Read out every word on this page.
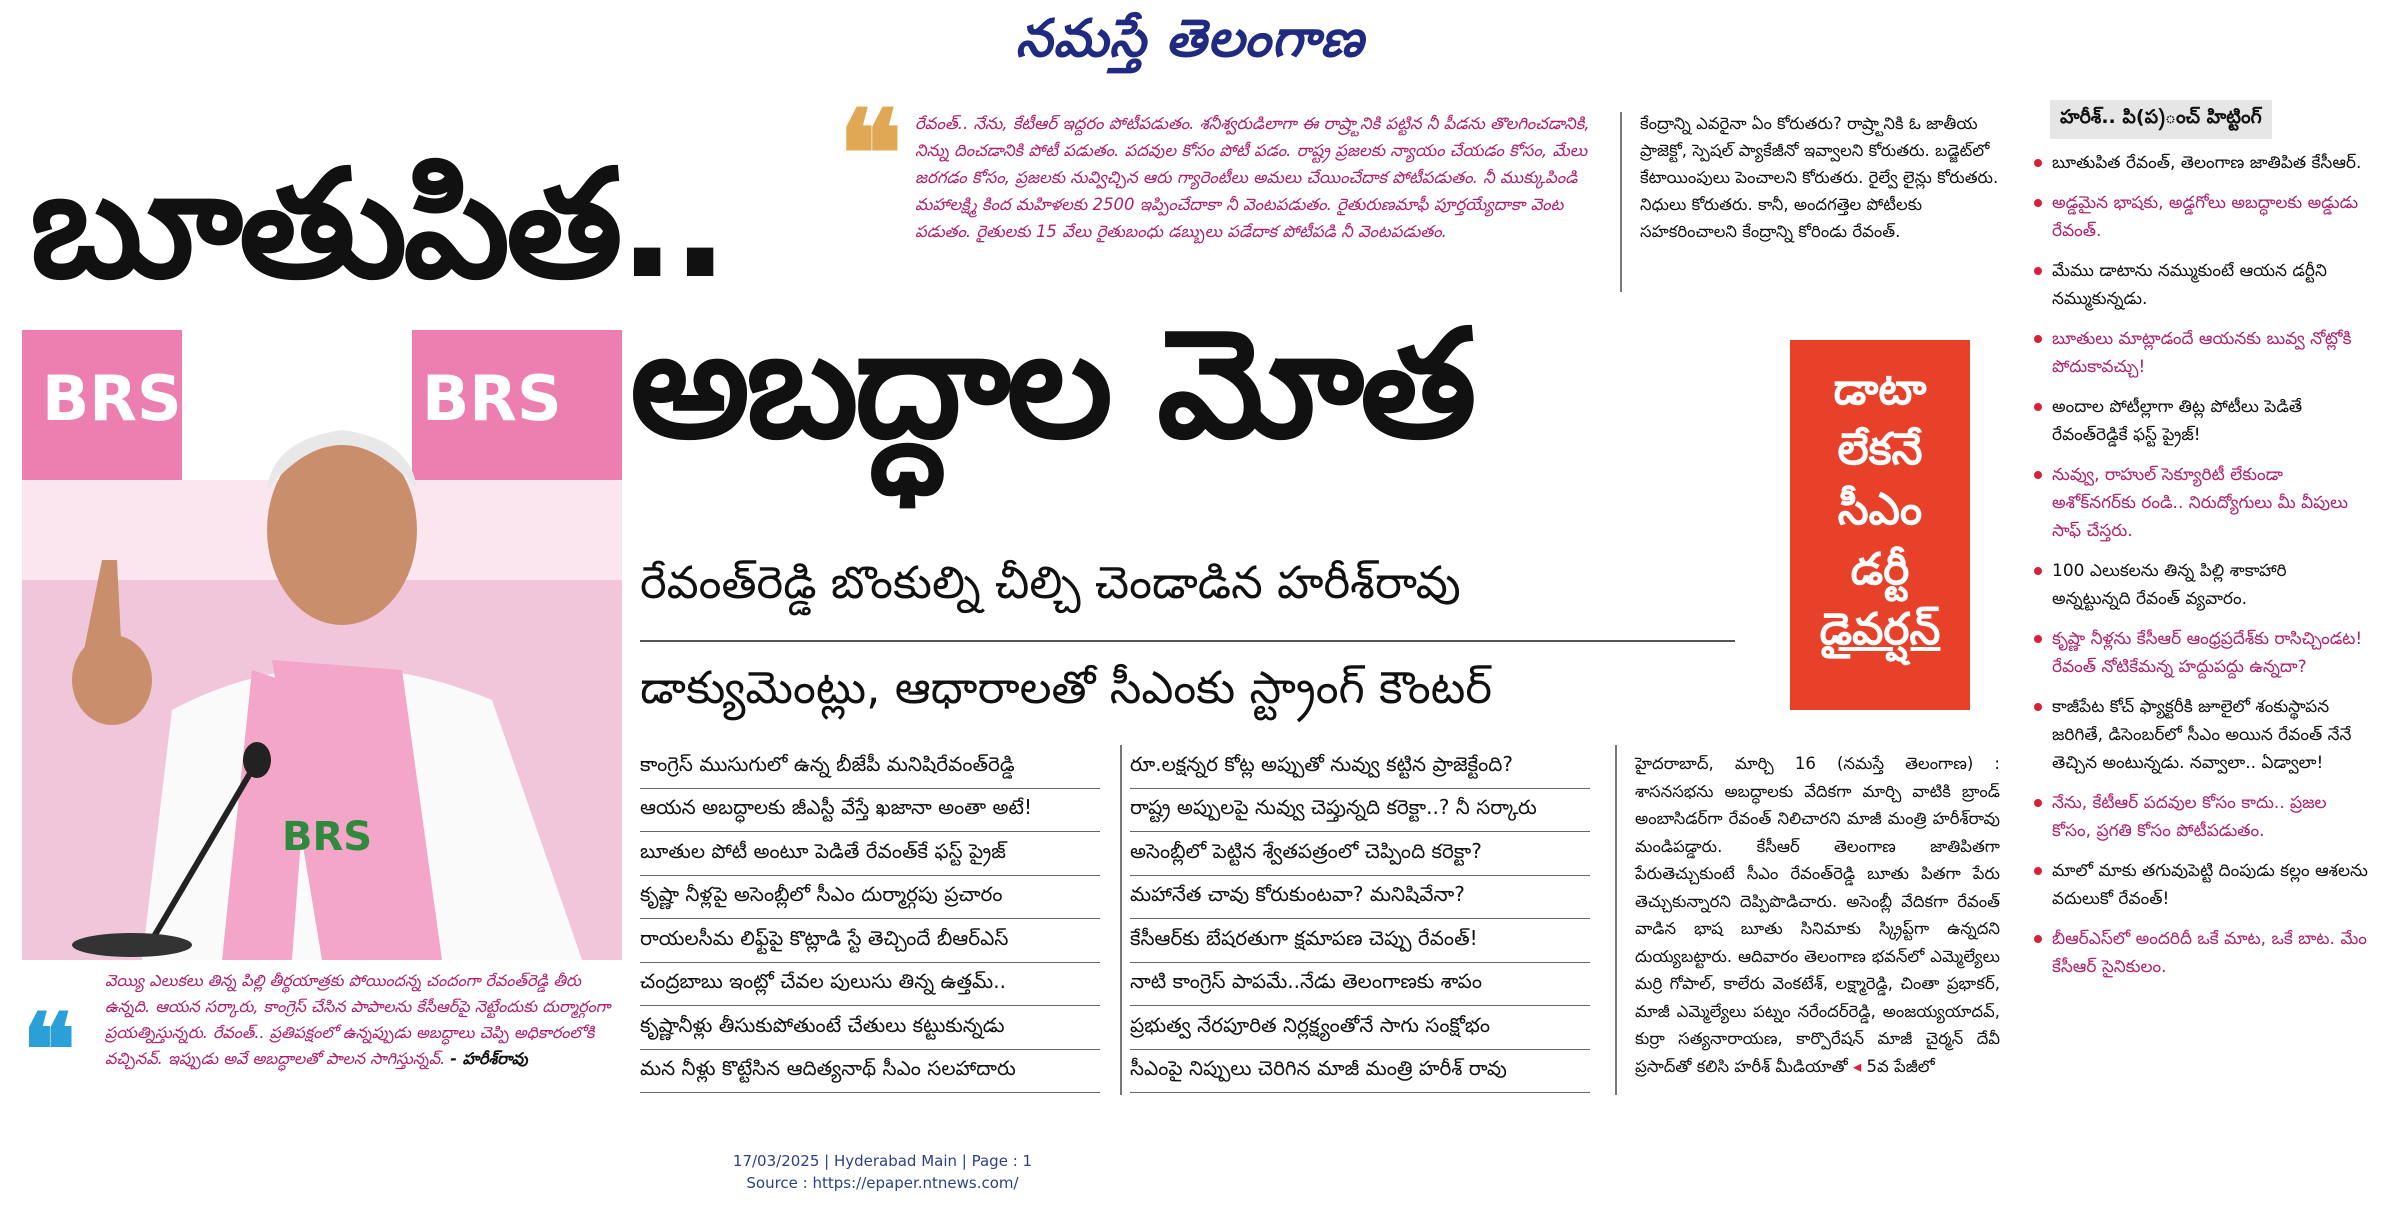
నమస్తే తెలంగాణ
❝ రేవంత్‌.. నేను, కేటీఆర్‌ ఇద్దరం పోటీపడుతం. శనీశ్వరుడిలాగా ఈ రాష్ర్టానికి పట్టిన నీ పీడను తొలగించడానికి, నిన్ను దించడానికి పోటీ పడుతం. పదవుల కోసం పోటీ పడం. రాష్ట్ర ప్రజలకు న్యాయం చేయడం కోసం, మేలు జరగడం కోసం, ప్రజలకు నువ్విచ్చిన ఆరు గ్యారెంటీలు అమలు చేయించేదాక పోటీపడుతం. నీ ముక్కుపిండి మహాలక్ష్మి కింద మహిళలకు 2500 ఇప్పించేదాకా నీ వెంటపడుతం. రైతురుణమాఫీ పూర్తయ్యేదాకా వెంట పడుతం. రైతులకు 15 వేలు రైతుబంధు డబ్బులు పడేదాక పోటీపడి నీ వెంటపడుతం.
కేంద్రాన్ని ఎవరైనా ఏం కోరుతరు? రాష్ర్టానికి ఓ జాతీయ ప్రాజెక్టో, స్పెషల్‌ ప్యాకేజీనో ఇవ్వాలని కోరుతరు. బడ్జెట్‌లో కేటాయింపులు పెంచాలని కోరుతరు. రైల్వే లైన్లు కోరుతరు. నిధులు కోరుతరు. కానీ, అందగత్తెల పోటీలకు సహకరించాలని కేంద్రాన్ని కోరిండు రేవంత్‌.
బూతుపిత..
అబద్ధాల మోత
BRS	BRS
BRS
రేవంత్‌రెడ్డి బొంకుల్ని చీల్చి చెండాడిన హరీశ్‌రావు
డాక్యుమెంట్లు, ఆధారాలతో సీఎంకు స్ట్రాంగ్‌ కౌంటర్‌
డాటా
లేకనే
సీఎం
డర్టీ
డైవర్షన్‌
హరీశ్‌.. పి(ప)ంచ్‌ హిట్టింగ్‌
బూతుపిత రేవంత్‌, తెలంగాణ జాతిపిత కేసీఆర్‌.
అడ్డమైన భాషకు, అడ్డగోలు అబద్ధాలకు అడ్డుడు రేవంత్‌.
మేము డాటాను నమ్ముకుంటే ఆయన డర్టీని నమ్ముకున్నడు.
బూతులు మాట్లాడందే ఆయనకు బువ్వ నోట్లోకి పోదుకావచ్చు!
అందాల పోటీల్లాగా తిట్ల పోటీలు పెడితే రేవంత్‌రెడ్డికే ఫస్ట్‌ ప్రైజ్‌!
నువ్వు, రాహుల్‌ సెక్యూరిటీ లేకుండా అశోక్‌నగర్‌కు రండి.. నిరుద్యోగులు మీ వీపులు సాఫ్‌ చేస్తరు.
100 ఎలుకలను తిన్న పిల్లి శాకాహారి అన్నట్టున్నది రేవంత్‌ వ్యవారం.
కృష్ణా నీళ్లను కేసీఆర్‌ ఆంధ్రప్రదేశ్‌కు రాసిచ్చిండట! రేవంత్‌ నోటికేమన్న హద్దుపద్దు ఉన్నదా?
కాజీపేట కోచ్‌ ఫ్యాక్టరీకి జూలైలో శంకుస్థాపన జరిగితే, డిసెంబర్‌లో సీఎం అయిన రేవంత్‌ నేనే తెచ్చిన అంటున్నడు. నవ్వాలా.. ఏడ్వాలా!
నేను, కేటీఆర్‌ పదవుల కోసం కాదు.. ప్రజల కోసం, ప్రగతి కోసం పోటీపడుతం.
మాలో మాకు తగువుపెట్టి దింపుడు కల్లం ఆశలను వదులుకో రేవంత్‌!
బీఆర్‌ఎస్‌లో అందరిదీ ఒకే మాట, ఒకే బాట. మేం కేసీఆర్‌ సైనికులం.
కాంగ్రెస్‌ ముసుగులో ఉన్న బీజేపీ మనిషిరేవంత్‌రెడ్డి
ఆయన అబద్ధాలకు జీఎస్టీ వేస్తే ఖజానా అంతా అటే!
బూతుల పోటీ అంటూ పెడితే రేవంత్‌కే ఫస్ట్‌ ప్రైజ్‌
కృష్ణా నీళ్లపై అసెంబ్లీలో సీఎం దుర్మార్గపు ప్రచారం
రాయలసీమ లిఫ్ట్‌పై కొట్లాడి స్టే తెచ్చిందే బీఆర్‌ఎస్‌
చంద్రబాబు ఇంట్లో చేవల పులుసు తిన్న ఉత్తమ్‌..
కృష్ణానీళ్లు తీసుకుపోతుంటే చేతులు కట్టుకున్నడు
మన నీళ్లు కొట్టేసిన ఆదిత్యనాథ్‌ సీఎం సలహాదారు
రూ.లక్షన్నర కోట్ల అప్పుతో నువ్వు కట్టిన ప్రాజెక్టేంది?
రాష్ట్ర అప్పులపై నువ్వు చెప్తున్నది కరెక్టా..? నీ సర్కారు
అసెంబ్లీలో పెట్టిన శ్వేతపత్రంలో చెప్పింది కరెక్టా?
మహానేత చావు కోరుకుంటవా? మనిషివేనా?
కేసీఆర్‌కు బేషరతుగా క్షమాపణ చెప్పు రేవంత్‌!
నాటి కాంగ్రెస్‌ పాపమే..నేడు తెలంగాణకు శాపం
ప్రభుత్వ నేరపూరిత నిర్లక్ష్యంతోనే సాగు సంక్షోభం
సీఎంపై నిప్పులు చెరిగిన మాజీ మంత్రి హరీశ్‌ రావు
హైదరాబాద్‌, మార్చి 16 (నమస్తే తెలంగాణ) : శాసనసభను అబద్ధాలకు వేదికగా మార్చి వాటికి బ్రాండ్‌ అంబాసిడర్‌గా రేవంత్‌ నిలిచారని మాజీ మంత్రి హరీశ్‌రావు మండిపడ్డారు. కేసీఆర్‌ తెలంగాణ జాతిపితగా పేరుతెచ్చుకుంటే సీఎం రేవంత్‌రెడ్డి బూతు పితగా పేరు తెచ్చుకున్నారని దెప్పిపొడిచారు. అసెంబ్లీ వేదికగా రేవంత్‌ వాడిన భాష బూతు సినిమాకు స్క్రిప్ట్‌గా ఉన్నదని దుయ్యబట్టారు. ఆదివారం తెలంగాణ భవన్‌లో ఎమ్మెల్యేలు మర్రి గోపాల్‌, కాలేరు వెంకటేశ్‌, లక్ష్మారెడ్డి, చింతా ప్రభాకర్‌, మాజీ ఎమ్మెల్యేలు పట్నం నరేందర్‌రెడ్డి, అంజయ్యయాదవ్‌, కుర్రా సత్యనారాయణ, కార్పొరేషన్‌ మాజీ చైర్మన్‌ దేవీ ప్రసాద్‌తో కలిసి హరీశ్‌ మీడియాతో ◂ 5వ పేజీలో
❝
వెయ్యి ఎలుకలు తిన్న పిల్లి తీర్థయాత్రకు పోయిందన్న చందంగా రేవంత్‌రెడ్డి తీరు ఉన్నది. ఆయన సర్కారు, కాంగ్రెస్‌ చేసిన పాపాలను కేసీఆర్‌పై నెట్టేందుకు దుర్మార్గంగా ప్రయత్నిస్తున్నరు. రేవంత్‌.. ప్రతిపక్షంలో ఉన్నప్పుడు అబద్ధాలు చెప్పి అధికారంలోకి వచ్చినవ్‌. ఇప్పుడు అవే అబద్ధాలతో పాలన సాగిస్తున్నవ్‌. - హరీశ్‌రావు
17/03/2025 | Hyderabad Main | Page : 1
Source : https://epaper.ntnews.com/
